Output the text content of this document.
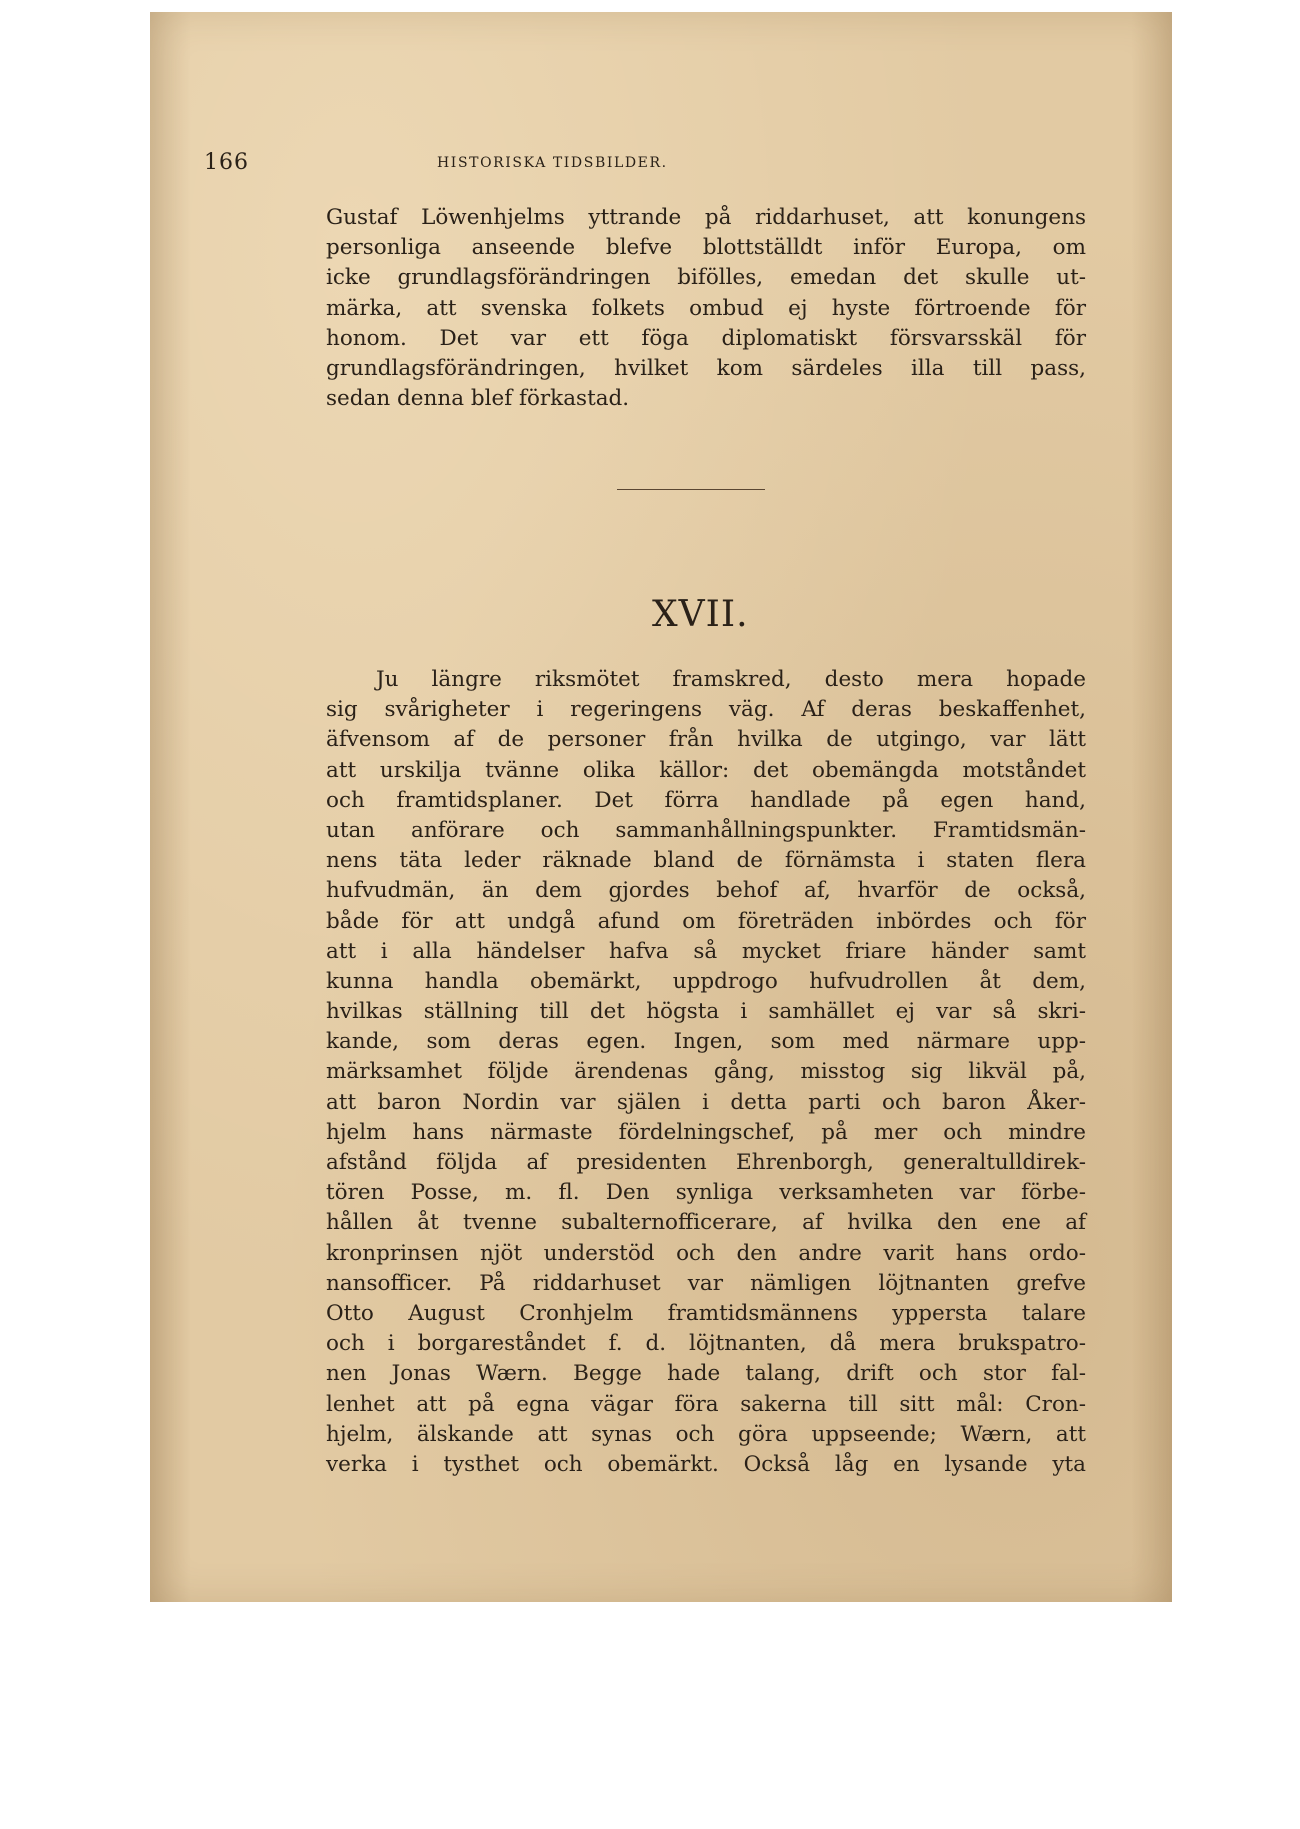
166	HISTORISKA TIDSBILDER.
Gustaf Löwenhjelms yttrande på riddarhuset, att konungens
personliga anseende blefve blottställdt inför Europa, om
icke grundlagsförändringen bifölles, emedan det skulle ut-
märka, att svenska folkets ombud ej hyste förtroende för
honom. Det var ett föga diplomatiskt försvarsskäl för
grundlagsförändringen, hvilket kom särdeles illa till pass,
sedan denna blef förkastad.
XVII.
Ju längre riksmötet framskred, desto mera hopade
sig svårigheter i regeringens väg. Af deras beskaffenhet,
äfvensom af de personer från hvilka de utgingo, var lätt
att urskilja tvänne olika källor: det obemängda motståndet
och framtidsplaner. Det förra handlade på egen hand,
utan anförare och sammanhållningspunkter. Framtidsmän-
nens täta leder räknade bland de förnämsta i staten flera
hufvudmän, än dem gjordes behof af, hvarför de också,
både för att undgå afund om företräden inbördes och för
att i alla händelser hafva så mycket friare händer samt
kunna handla obemärkt, uppdrogo hufvudrollen åt dem,
hvilkas ställning till det högsta i samhället ej var så skri-
kande, som deras egen. Ingen, som med närmare upp-
märksamhet följde ärendenas gång, misstog sig likväl på,
att baron Nordin var själen i detta parti och baron Åker-
hjelm hans närmaste fördelningschef, på mer och mindre
afstånd följda af presidenten Ehrenborgh, generaltulldirek-
tören Posse, m. fl. Den synliga verksamheten var förbe-
hållen åt tvenne subalternofficerare, af hvilka den ene af
kronprinsen njöt understöd och den andre varit hans ordo-
nansofficer. På riddarhuset var nämligen löjtnanten grefve
Otto August Cronhjelm framtidsmännens yppersta talare
och i borgareståndet f. d. löjtnanten, då mera brukspatro-
nen Jonas Wærn. Begge hade talang, drift och stor fal-
lenhet att på egna vägar föra sakerna till sitt mål: Cron-
hjelm, älskande att synas och göra uppseende; Wærn, att
verka i tysthet och obemärkt. Också låg en lysande yta
